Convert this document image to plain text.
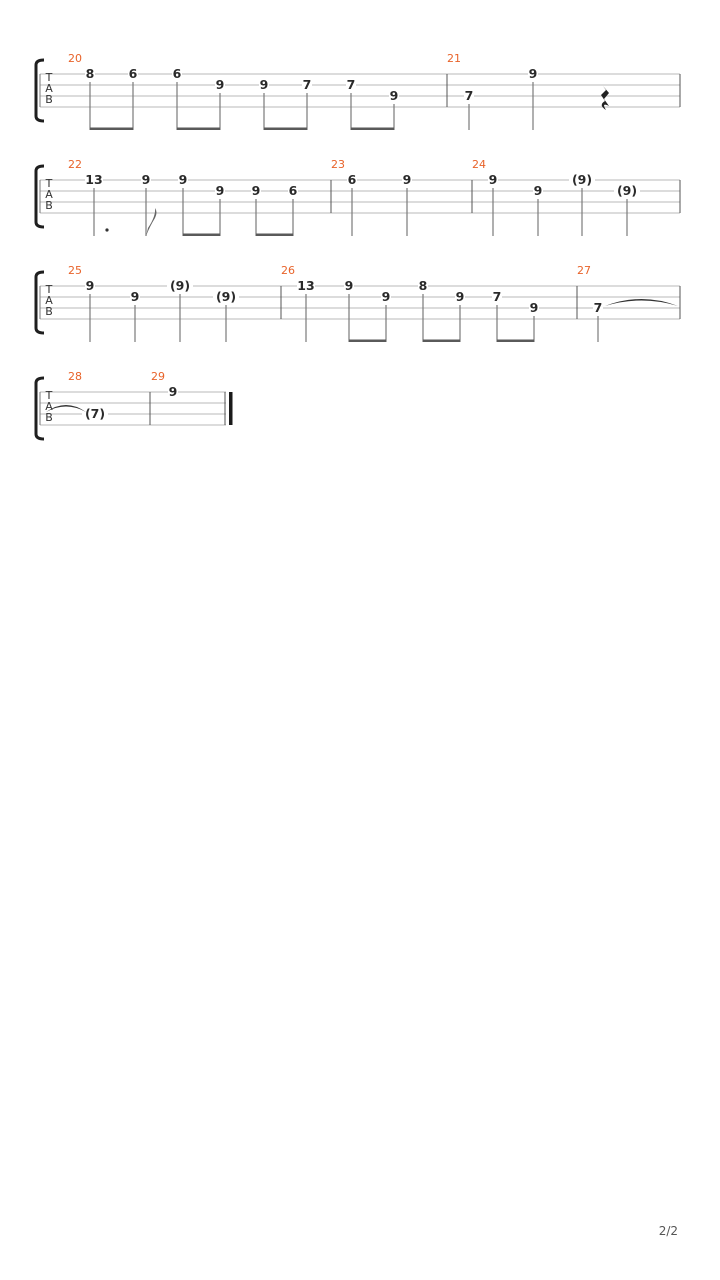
T
A
B
20
8	6	6
9	9	7	7
9
21
7
9
T
A
B
22
13	9 9
9 9 6
23
6	9
24
9
9
(9)
(9)
T
A
B
25
9
9
(9)
(9)
26
13 9
9
8
9 7
9
27
7
T
A
B
28
(7)
29
9
2/2
